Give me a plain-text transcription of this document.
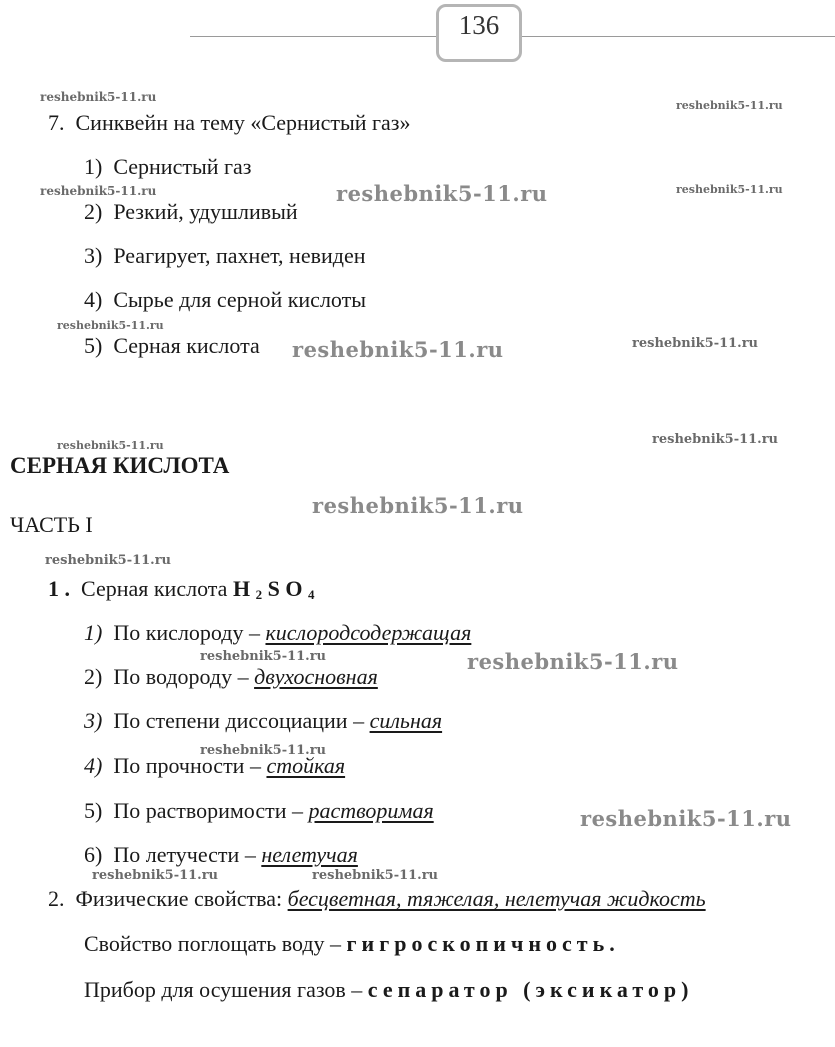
136
7. Синквейн на тему «Сернистый газ»
1) Сернистый газ
2) Резкий, удушливый
3) Реагирует, пахнет, невиден
4) Сырье для серной кислоты
5) Серная кислота
СЕРНАЯ КИСЛОТА
ЧАСТЬ I
1 . Серная кислота H $_2$ S O $_4$
1) По кислороду – кислородсодержащая
2) По водороду – двухосновная
3) По степени диссоциации – сильная
4) По прочности – стойкая
5) По растворимости – растворимая
6) По летучести – нелетучая
2. Физические свойства: бесцветная, тяжелая, нелетучая жидкость
Свойство поглощать воду – гигроскопичность.
Прибор для осушения газов – сепаратор (эксикатор)
reshebnik5-11.ru
reshebnik5-11.ru
reshebnik5-11.ru	reshebnik5-11.ru	reshebnik5-11.ru
reshebnik5-11.ru
reshebnik5-11.ru	reshebnik5-11.ru
reshebnik5-11.ru	reshebnik5-11.ru
reshebnik5-11.ru
reshebnik5-11.ru
reshebnik5-11.ru	reshebnik5-11.ru
reshebnik5-11.ru
reshebnik5-11.ru
reshebnik5-11.ru	reshebnik5-11.ru
